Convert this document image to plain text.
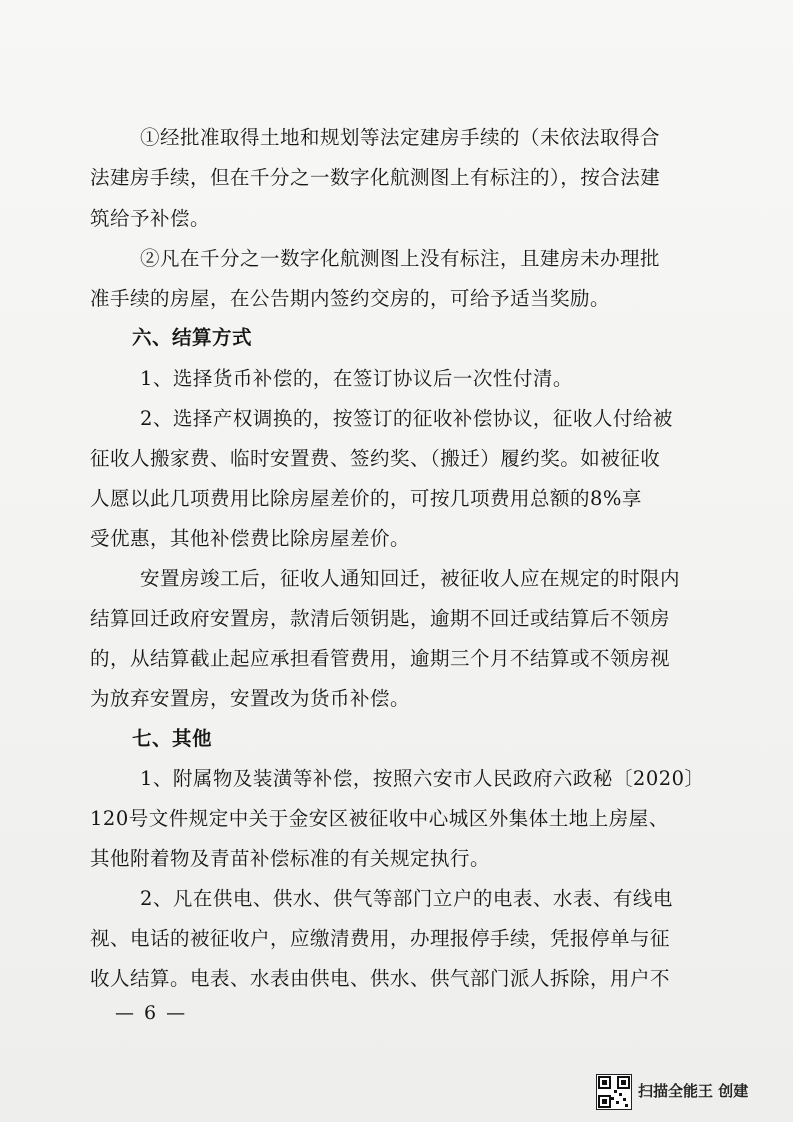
①经批准取得土地和规划等法定建房手续的（未依法取得合
法建房手续，但在千分之一数字化航测图上有标注的），按合法建
筑给予补偿。
②凡在千分之一数字化航测图上没有标注，且建房未办理批
准手续的房屋，在公告期内签约交房的，可给予适当奖励。
六、结算方式
1、选择货币补偿的，在签订协议后一次性付清。
2、选择产权调换的，按签订的征收补偿协议，征收人付给被
征收人搬家费、临时安置费、签约奖、（搬迁）履约奖。如被征收
人愿以此几项费用比除房屋差价的，可按几项费用总额的8%享
受优惠，其他补偿费比除房屋差价。
安置房竣工后，征收人通知回迁，被征收人应在规定的时限内
结算回迁政府安置房，款清后领钥匙，逾期不回迁或结算后不领房
的，从结算截止起应承担看管费用，逾期三个月不结算或不领房视
为放弃安置房，安置改为货币补偿。
七、其他
1、附属物及装潢等补偿，按照六安市人民政府六政秘〔2020〕
120号文件规定中关于金安区被征收中心城区外集体土地上房屋、
其他附着物及青苗补偿标准的有关规定执行。
2、凡在供电、供水、供气等部门立户的电表、水表、有线电
视、电话的被征收户，应缴清费用，办理报停手续，凭报停单与征
收人结算。电表、水表由供电、供水、供气部门派人拆除，用户不
— 6 —
扫描全能王 创建
